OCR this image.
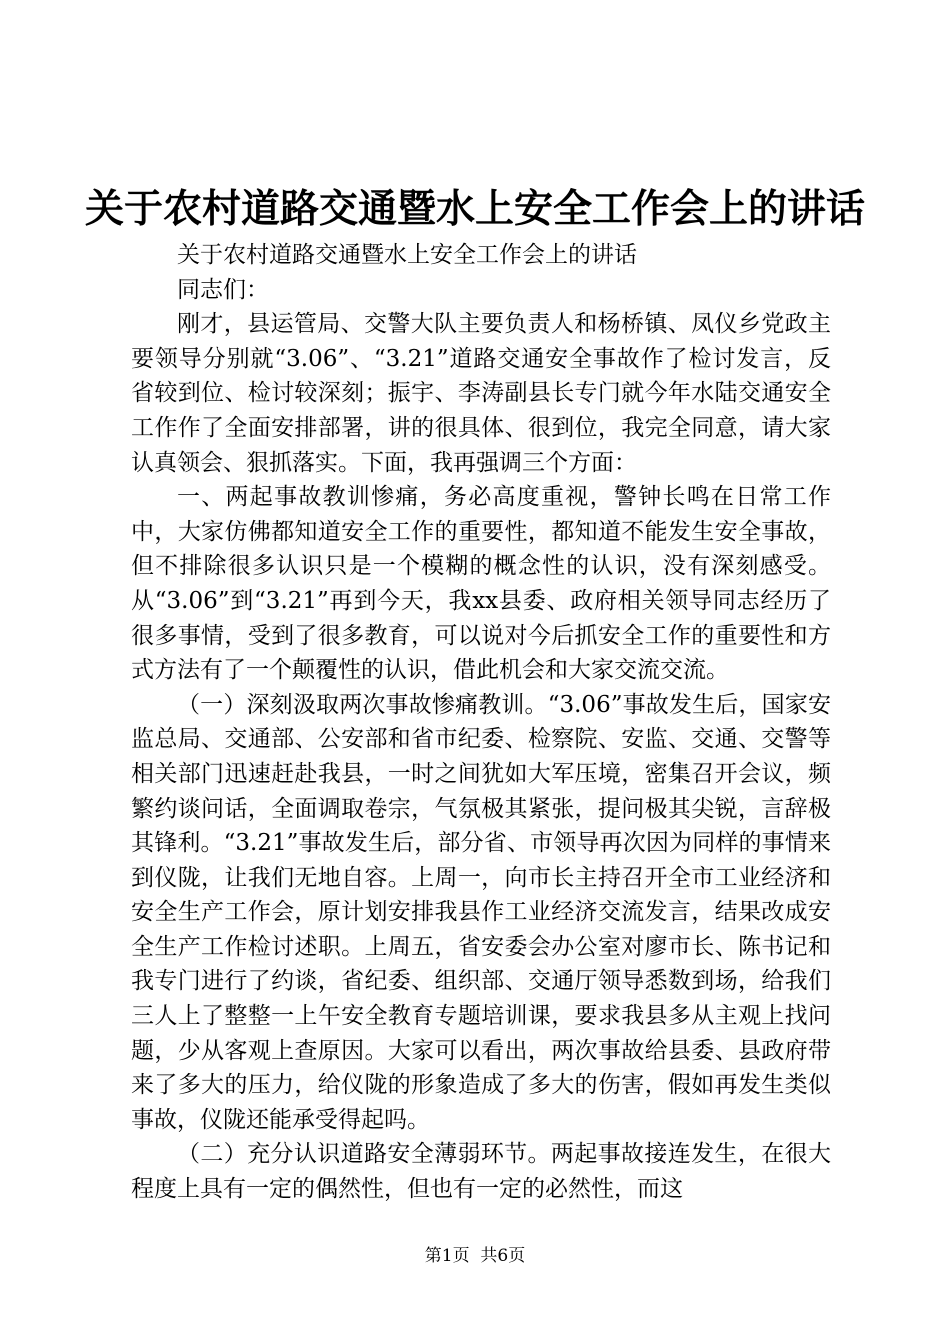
关于农村道路交通暨水上安全工作会上的讲话

关于农村道路交通暨水上安全工作会上的讲话

同志们：

刚才，县运管局、交警大队主要负责人和杨桥镇、凤仪乡党政主要领导分别就“3.06”、“3.21”道路交通安全事故作了检讨发言，反省较到位、检讨较深刻；振宇、李涛副县长专门就今年水陆交通安全工作作了全面安排部署，讲的很具体、很到位，我完全同意，请大家认真领会、狠抓落实。下面，我再强调三个方面：

一、两起事故教训惨痛，务必高度重视，警钟长鸣在日常工作中，大家仿佛都知道安全工作的重要性，都知道不能发生安全事故，但不排除很多认识只是一个模糊的概念性的认识，没有深刻感受。从“3.06”到“3.21”再到今天，我xx县委、政府相关领导同志经历了很多事情，受到了很多教育，可以说对今后抓安全工作的重要性和方式方法有了一个颠覆性的认识，借此机会和大家交流交流。

（一）深刻汲取两次事故惨痛教训。“3.06”事故发生后，国家安监总局、交通部、公安部和省市纪委、检察院、安监、交通、交警等相关部门迅速赶赴我县，一时之间犹如大军压境，密集召开会议，频繁约谈问话，全面调取卷宗，气氛极其紧张，提问极其尖锐，言辞极其锋利。“3.21”事故发生后，部分省、市领导再次因为同样的事情来到仪陇，让我们无地自容。上周一，向市长主持召开全市工业经济和安全生产工作会，原计划安排我县作工业经济交流发言，结果改成安全生产工作检讨述职。上周五，省安委会办公室对廖市长、陈书记和我专门进行了约谈，省纪委、组织部、交通厅领导悉数到场，给我们三人上了整整一上午安全教育专题培训课，要求我县多从主观上找问题，少从客观上查原因。大家可以看出，两次事故给县委、县政府带来了多大的压力，给仪陇的形象造成了多大的伤害，假如再发生类似事故，仪陇还能承受得起吗。

（二）充分认识道路安全薄弱环节。两起事故接连发生，在很大程度上具有一定的偶然性，但也有一定的必然性，而这

第1页  共6页
